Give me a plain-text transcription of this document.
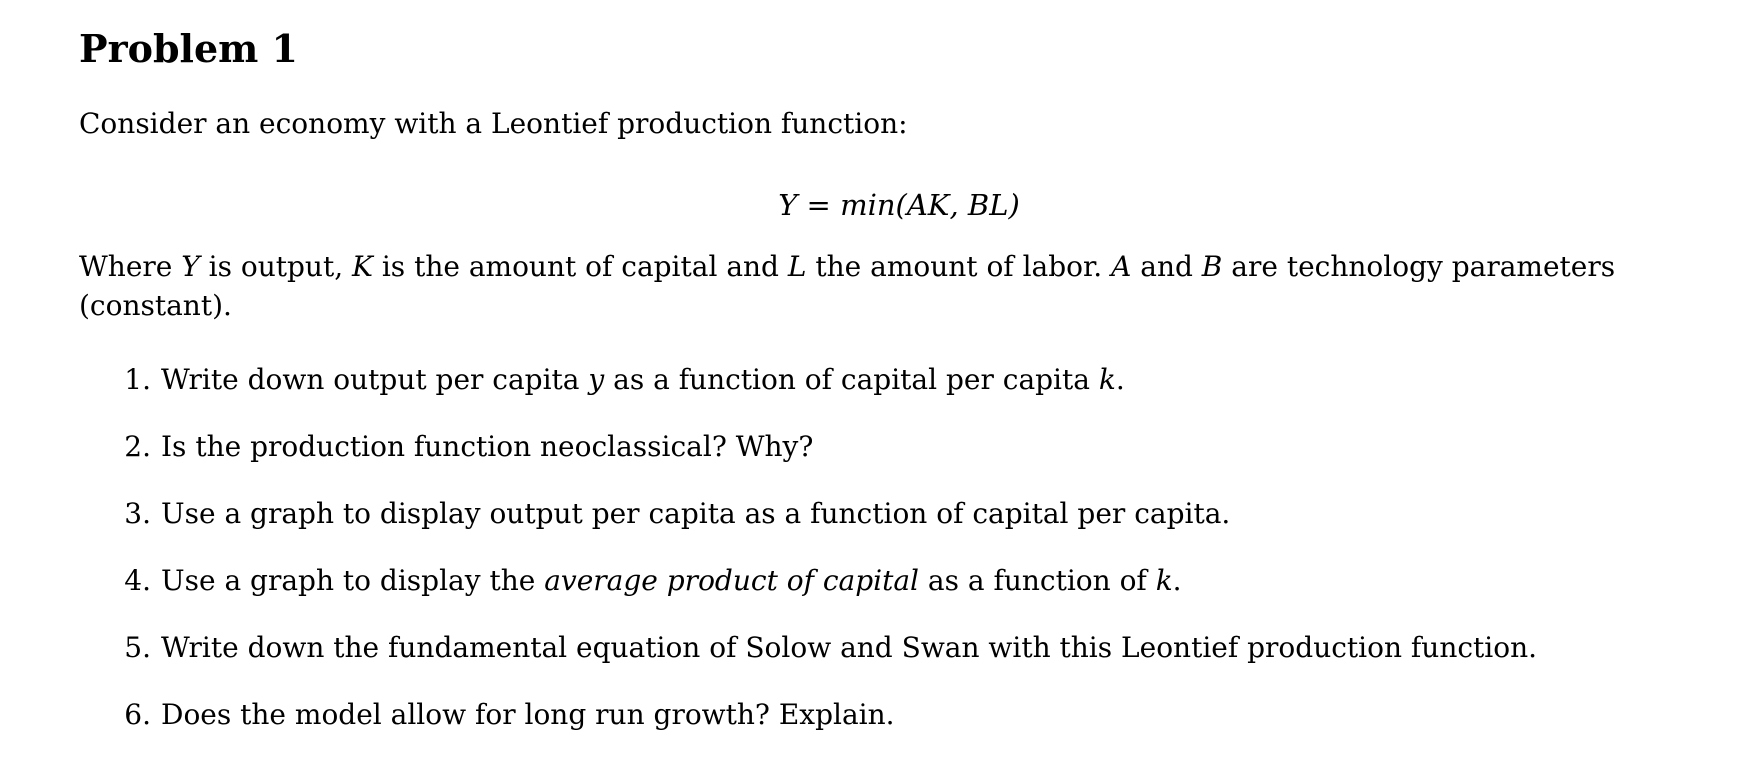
Problem 1

Consider an economy with a Leontief production function:

Y = min(AK, BL)

Where Y is output, K is the amount of capital and L the amount of labor. A and B are technology parameters (constant).

1. Write down output per capita y as a function of capital per capita k.
2. Is the production function neoclassical? Why?
3. Use a graph to display output per capita as a function of capital per capita.
4. Use a graph to display the average product of capital as a function of k.
5. Write down the fundamental equation of Solow and Swan with this Leontief production function.
6. Does the model allow for long run growth? Explain.
